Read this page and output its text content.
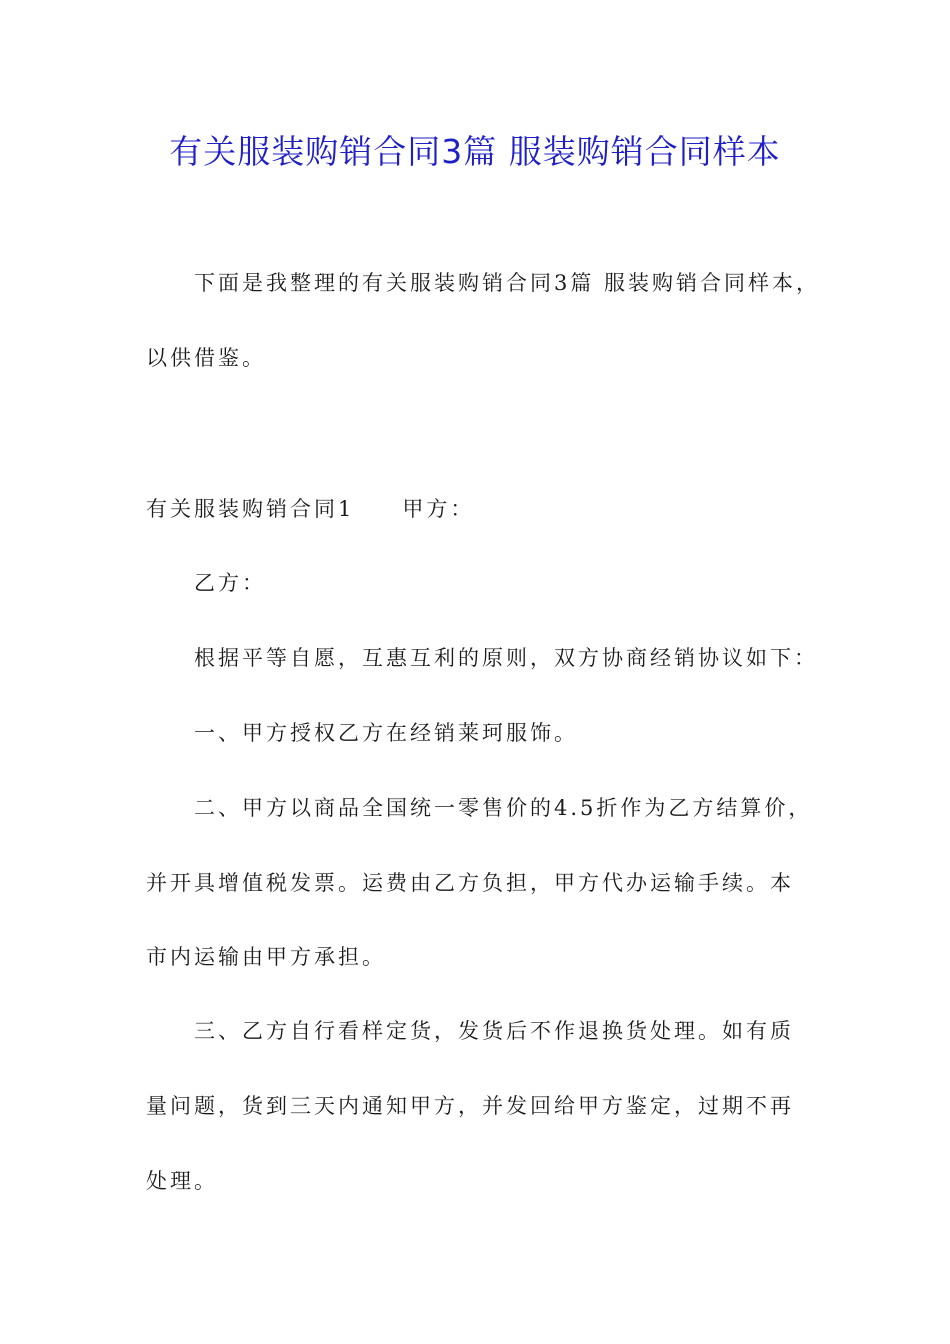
有关服装购销合同3篇 服装购销合同样本

下面是我整理的有关服装购销合同3篇 服装购销合同样本，

以供借鉴。

有关服装购销合同1 甲方：

乙方：

根据平等自愿，互惠互利的原则，双方协商经销协议如下：

一、甲方授权乙方在经销莱珂服饰。

二、甲方以商品全国统一零售价的4.5折作为乙方结算价，

并开具增值税发票。运费由乙方负担，甲方代办运输手续。本

市内运输由甲方承担。

三、乙方自行看样定货，发货后不作退换货处理。如有质

量问题，货到三天内通知甲方，并发回给甲方鉴定，过期不再

处理。
